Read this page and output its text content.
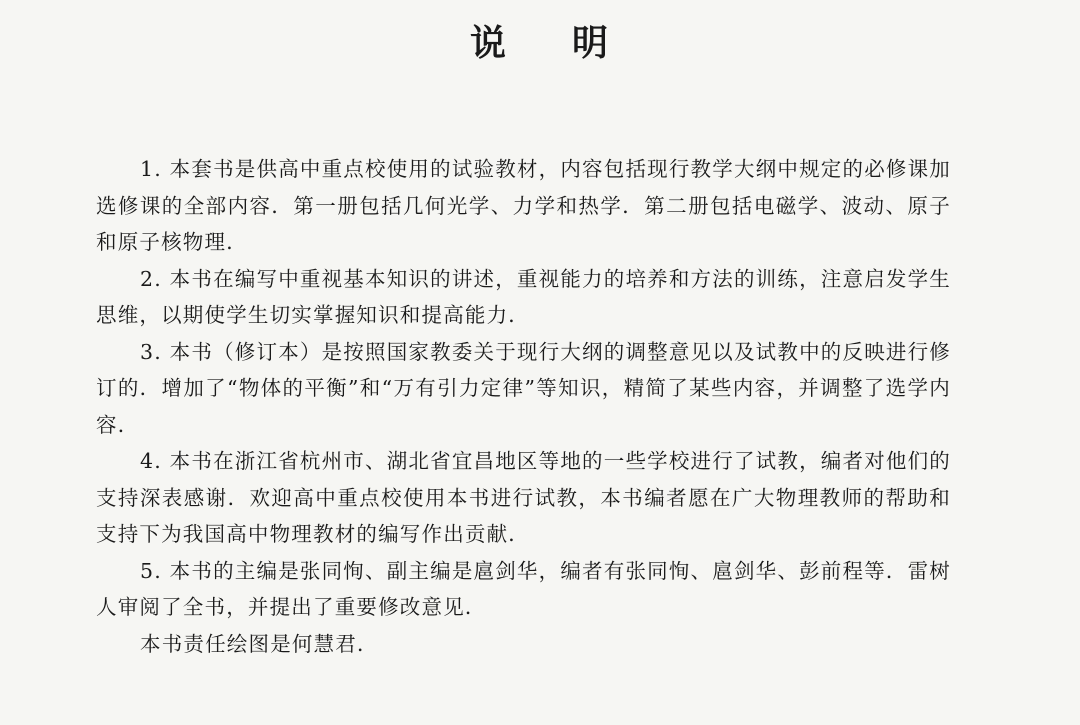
说 明

1. 本套书是供高中重点校使用的试验教材，内容包括现行教学大纲中规定的必修课加选修课的全部内容．第一册包括几何光学、力学和热学．第二册包括电磁学、波动、原子和原子核物理．

2. 本书在编写中重视基本知识的讲述，重视能力的培养和方法的训练，注意启发学生思维，以期使学生切实掌握知识和提高能力．

3. 本书（修订本）是按照国家教委关于现行大纲的调整意见以及试教中的反映进行修订的．增加了“物体的平衡”和“万有引力定律”等知识，精简了某些内容，并调整了选学内容．

4. 本书在浙江省杭州市、湖北省宜昌地区等地的一些学校进行了试教，编者对他们的支持深表感谢．欢迎高中重点校使用本书进行试教，本书编者愿在广大物理教师的帮助和支持下为我国高中物理教材的编写作出贡献．

5. 本书的主编是张同恂、副主编是扈剑华，编者有张同恂、扈剑华、彭前程等．雷树人审阅了全书，并提出了重要修改意见．

本书责任绘图是何慧君．
